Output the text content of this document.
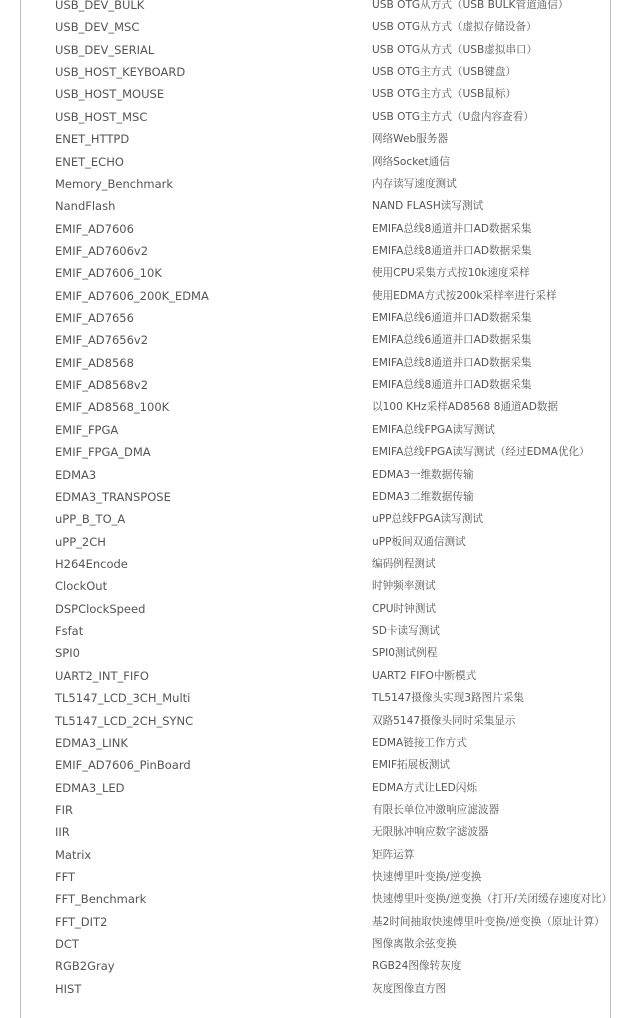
USB_DEV_BULK	USB OTG从方式（USB BULK管道通信）
USB_DEV_MSC	USB OTG从方式（虚拟存储设备）
USB_DEV_SERIAL	USB OTG从方式（USB虚拟串口）
USB_HOST_KEYBOARD	USB OTG主方式（USB键盘）
USB_HOST_MOUSE	USB OTG主方式（USB鼠标）
USB_HOST_MSC	USB OTG主方式（U盘内容查看）
ENET_HTTPD	网络Web服务器
ENET_ECHO	网络Socket通信
Memory_Benchmark	内存读写速度测试
NandFlash	NAND FLASH读写测试
EMIF_AD7606	EMIFA总线8通道并口AD数据采集
EMIF_AD7606v2	EMIFA总线8通道并口AD数据采集
EMIF_AD7606_10K	使用CPU采集方式按10k速度采样
EMIF_AD7606_200K_EDMA	使用EDMA方式按200k采样率进行采样
EMIF_AD7656	EMIFA总线6通道并口AD数据采集
EMIF_AD7656v2	EMIFA总线6通道并口AD数据采集
EMIF_AD8568	EMIFA总线8通道并口AD数据采集
EMIF_AD8568v2	EMIFA总线8通道并口AD数据采集
EMIF_AD8568_100K	以100 KHz采样AD8568 8通道AD数据
EMIF_FPGA	EMIFA总线FPGA读写测试
EMIF_FPGA_DMA	EMIFA总线FPGA读写测试（经过EDMA优化）
EDMA3	EDMA3一维数据传输
EDMA3_TRANSPOSE	EDMA3二维数据传输
uPP_B_TO_A	uPP总线FPGA读写测试
uPP_2CH	uPP板间双通信测试
H264Encode	编码例程测试
ClockOut	时钟频率测试
DSPClockSpeed	CPU时钟测试
Fsfat	SD卡读写测试
SPI0	SPI0测试例程
UART2_INT_FIFO	UART2 FIFO中断模式
TL5147_LCD_3CH_Multi	TL5147摄像头实现3路图片采集
TL5147_LCD_2CH_SYNC	双路5147摄像头同时采集显示
EDMA3_LINK	EDMA链接工作方式
EMIF_AD7606_PinBoard	EMIF拓展板测试
EDMA3_LED	EDMA方式让LED闪烁
FIR	有限长单位冲激响应滤波器
IIR	无限脉冲响应数字滤波器
Matrix	矩阵运算
FFT	快速傅里叶变换/逆变换
FFT_Benchmark	快速傅里叶变换/逆变换（打开/关闭缓存速度对比）
FFT_DIT2	基2时间抽取快速傅里叶变换/逆变换（原址计算）
DCT	图像离散余弦变换
RGB2Gray	RGB24图像转灰度
HIST	灰度图像直方图
